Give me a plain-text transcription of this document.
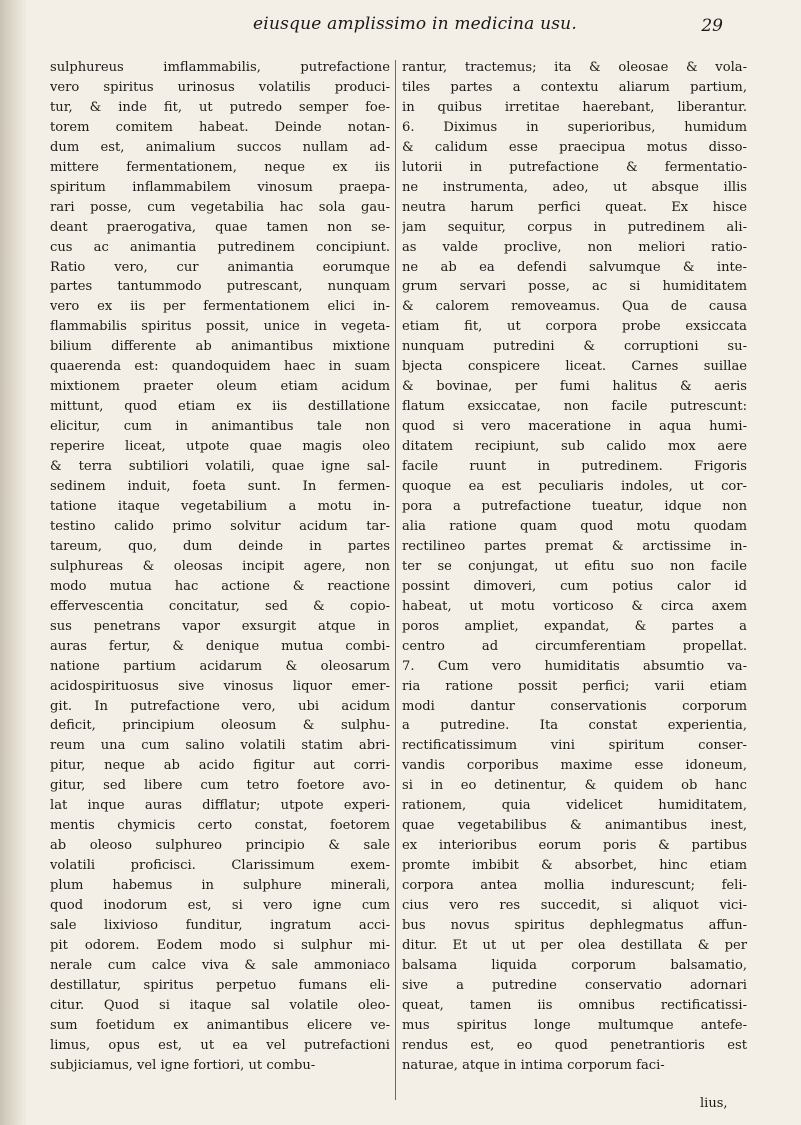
eiusque amplissimo in medicina usu.	29
sulphureus imflammabilis, putrefactione
vero spiritus urinosus volatilis produci-
tur, & inde fit, ut putredo semper foe-
torem comitem habeat. Deinde notan-
dum est, animalium succos nullam ad-
mittere fermentationem, neque ex iis
spiritum inflammabilem vinosum praepa-
rari posse, cum vegetabilia hac sola gau-
deant praerogativa, quae tamen non se-
cus ac animantia putredinem concipiunt.
Ratio vero, cur animantia eorumque
partes tantummodo putrescant, nunquam
vero ex iis per fermentationem elici in-
flammabilis spiritus possit, unice in vegeta-
bilium differente ab animantibus mixtione
quaerenda est: quandoquidem haec in suam
mixtionem praeter oleum etiam acidum
mittunt, quod etiam ex iis destillatione
elicitur, cum in animantibus tale non
reperire liceat, utpote quae magis oleo
& terra subtiliori volatili, quae igne sal-
sedinem induit, foeta sunt. In fermen-
tatione itaque vegetabilium a motu in-
testino calido primo solvitur acidum tar-
tareum, quo, dum deinde in partes
sulphureas & oleosas incipit agere, non
modo mutua hac actione & reactione
effervescentia concitatur, sed & copio-
sus penetrans vapor exsurgit atque in
auras fertur, & denique mutua combi-
natione partium acidarum & oleosarum
acidospirituosus sive vinosus liquor emer-
git. In putrefactione vero, ubi acidum
deficit, principium oleosum & sulphu-
reum una cum salino volatili statim abri-
pitur, neque ab acido figitur aut corri-
gitur, sed libere cum tetro foetore avo-
lat inque auras difflatur; utpote experi-
mentis chymicis certo constat, foetorem
ab oleoso sulphureo principio & sale
volatili proficisci. Clarissimum exem-
plum habemus in sulphure minerali,
quod inodorum est, si vero igne cum
sale lixivioso funditur, ingratum acci-
pit odorem. Eodem modo si sulphur mi-
nerale cum calce viva & sale ammoniaco
destillatur, spiritus perpetuo fumans eli-
citur. Quod si itaque sal volatile oleo-
sum foetidum ex animantibus elicere ve-
limus, opus est, ut ea vel putrefactioni
subjiciamus, vel igne fortiori, ut combu-
rantur, tractemus; ita & oleosae & vola-
tiles partes a contextu aliarum partium,
in quibus irretitae haerebant, liberantur.
6. Diximus in superioribus, humidum
& calidum esse praecipua motus disso-
lutorii in putrefactione & fermentatio-
ne instrumenta, adeo, ut absque illis
neutra harum perfici queat. Ex hisce
jam sequitur, corpus in putredinem ali-
as valde proclive, non meliori ratio-
ne ab ea defendi salvumque & inte-
grum servari posse, ac si humiditatem
& calorem removeamus. Qua de causa
etiam fit, ut corpora probe exsiccata
nunquam putredini & corruptioni su-
bjecta conspicere liceat. Carnes suillae
& bovinae, per fumi halitus & aeris
flatum exsiccatae, non facile putrescunt:
quod si vero maceratione in aqua humi-
ditatem recipiunt, sub calido mox aere
facile ruunt in putredinem. Frigoris
quoque ea est peculiaris indoles, ut cor-
pora a putrefactione tueatur, idque non
alia ratione quam quod motu quodam
rectilineo partes premat & arctissime in-
ter se conjungat, ut efitu suo non facile
possint dimoveri, cum potius calor id
habeat, ut motu vorticoso & circa axem
poros ampliet, expandat, & partes a
centro ad circumferentiam propellat.
7. Cum vero humiditatis absumtio va-
ria ratione possit perfici; varii etiam
modi dantur conservationis corporum
a putredine. Ita constat experientia,
rectificatissimum vini spiritum conser-
vandis corporibus maxime esse idoneum,
si in eo detinentur, & quidem ob hanc
rationem, quia videlicet humiditatem,
quae vegetabilibus & animantibus inest,
ex interioribus eorum poris & partibus
promte imbibit & absorbet, hinc etiam
corpora antea mollia indurescunt; feli-
cius vero res succedit, si aliquot vici-
bus novus spiritus dephlegmatus affun-
ditur. Et ut ut per olea destillata & per
balsama liquida corporum balsamatio,
sive a putredine conservatio adornari
queat, tamen iis omnibus rectificatissi-
mus spiritus longe multumque antefe-
rendus est, eo quod penetrantioris est
naturae, atque in intima corporum faci-
lius,
